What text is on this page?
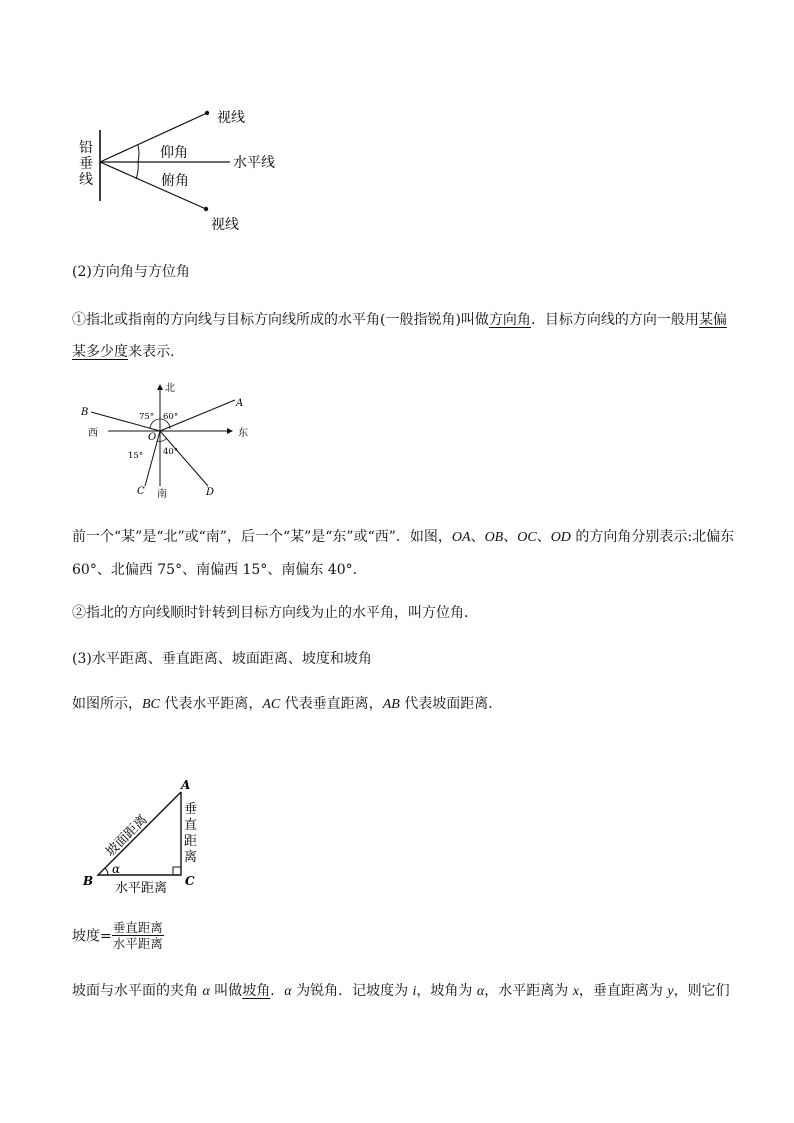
视线
铅
垂
线
仰角
水平线
俯角
视线
(2)方向角与方位角
①指北或指南的方向线与目标方向线所成的水平角(一般指锐角)叫做方向角．目标方向线的方向一般用某偏
某多少度来表示.
北
A
B	75° 60°
西	O	东
40°
15°
C 南	D
前一个“某”是“北”或“南”，后一个“某”是“东”或“西”．如图，OA、OB、OC、OD 的方向角分别表示:北偏东
60°、北偏西 75°、南偏西 15°、南偏东 40°.
②指北的方向线顺时针转到目标方向线为止的水平角，叫方位角．
(3)水平距离、垂直距离、坡面距离、坡度和坡角
如图所示，BC 代表水平距离，AC 代表垂直距离，AB 代表坡面距离．
A
坡面距离
垂
直
距
离
α
B	C
水平距离
坡度= $\frac{\text{垂直距离}}{\text{水平距离}}$
坡面与水平面的夹角 α 叫做坡角．α 为锐角．记坡度为 i，坡角为 α，水平距离为 x，垂直距离为 y，则它们
